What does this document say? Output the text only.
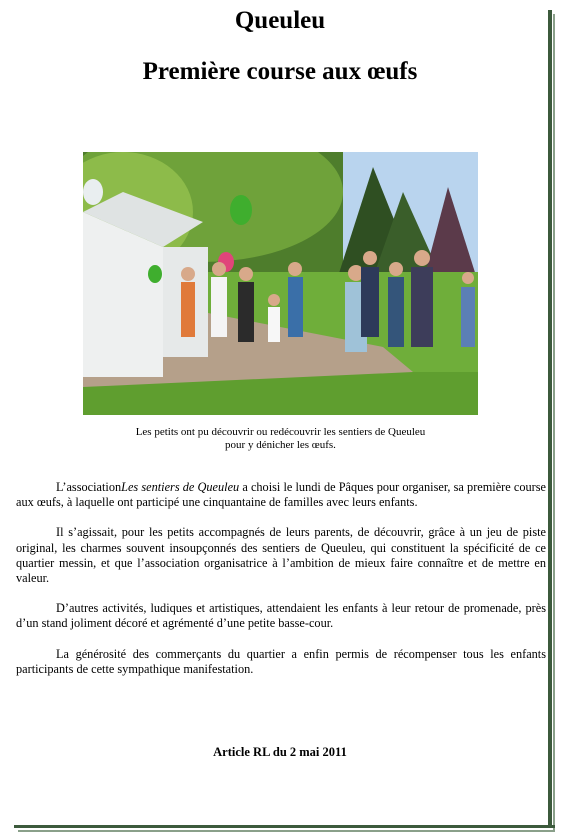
Queuleu
Première course aux œufs
Les petits ont pu découvrir ou redécouvrir les sentiers de Queuleu
pour y dénicher les œufs.

L’associationLes sentiers de Queuleu a choisi le lundi de Pâques pour organiser, sa première course aux œufs, à laquelle ont participé une cinquantaine de familles avec leurs enfants.

Il s’agissait, pour les petits accompagnés de leurs parents, de découvrir, grâce à un jeu de piste original, les charmes souvent insoupçonnés des sentiers de Queuleu, qui constituent la spécificité de ce quartier messin, et que l’association organisatrice à l’ambition de mieux faire connaître et de mettre en valeur.

D’autres activités, ludiques et artistiques, attendaient les enfants à leur retour de promenade, près d’un stand joliment décoré et agrémenté d’une petite basse-cour.

La générosité des commerçants du quartier a enfin permis de récompenser tous les enfants participants de cette sympathique manifestation.

Article RL du 2 mai 2011
